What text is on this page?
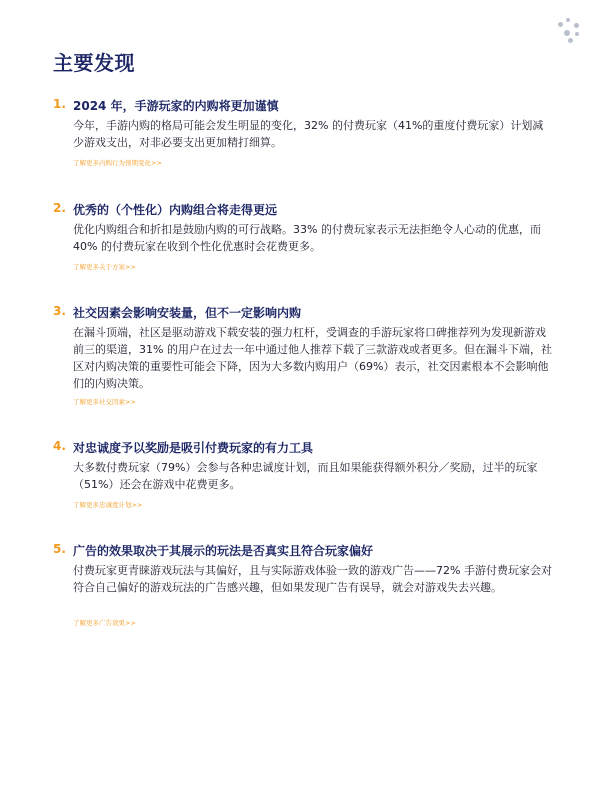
主要发现
1. 2024 年，手游玩家的内购将更加谨慎

今年，手游内购的格局可能会发生明显的变化，32% 的付费玩家（41%的重度付费玩家）计划减少游戏支出，对非必要支出更加精打细算。

了解更多内购行为预期变化>>
2. 优秀的（个性化）内购组合将走得更远

优化内购组合和折扣是鼓励内购的可行战略。33% 的付费玩家表示无法拒绝令人心动的优惠，而40% 的付费玩家在收到个性化优惠时会花费更多。

了解更多关于方案>>
3. 社交因素会影响安装量，但不一定影响内购

在漏斗顶端，社区是驱动游戏下载安装的强力杠杆，受调查的手游玩家将口碑推荐列为发现新游戏前三的渠道，31% 的用户在过去一年中通过他人推荐下载了三款游戏或者更多。但在漏斗下端，社区对内购决策的重要性可能会下降，因为大多数内购用户（69%）表示，社交因素根本不会影响他们的内购决策。

了解更多社交因素>>
4. 对忠诚度予以奖励是吸引付费玩家的有力工具

大多数付费玩家（79%）会参与各种忠诚度计划，而且如果能获得额外积分／奖励，过半的玩家（51%）还会在游戏中花费更多。

了解更多忠诚度计划>>
5. 广告的效果取决于其展示的玩法是否真实且符合玩家偏好

付费玩家更青睐游戏玩法与其偏好，且与实际游戏体验一致的游戏广告——72% 手游付费玩家会对符合自己偏好的游戏玩法的广告感兴趣，但如果发现广告有误导，就会对游戏失去兴趣。

了解更多广告效果>>
